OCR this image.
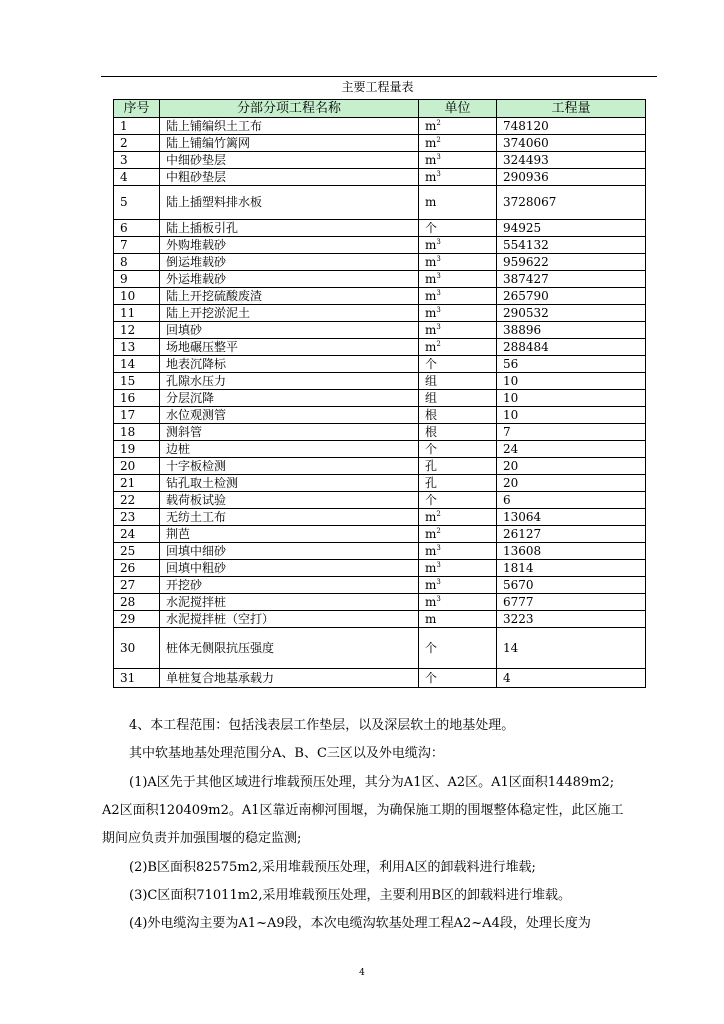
主要工程量表
序号	分部分项工程名称	单位	工程量
1	陆上铺编织土工布	$m^2$	748120
2	陆上铺编竹篱网	$m^2$	374060
3	中细砂垫层	$m^3$	324493
4	中粗砂垫层	$m^3$	290936
5	陆上插塑料排水板	m	3728067
6	陆上插板引孔	个	94925
7	外购堆载砂	$m^3$	554132
8	倒运堆载砂	$m^3$	959622
9	外运堆载砂	$m^3$	387427
10	陆上开挖硫酸废渣	$m^3$	265790
11	陆上开挖淤泥土	$m^3$	290532
12	回填砂	$m^3$	38896
13	场地碾压整平	$m^2$	288484
14	地表沉降标	个	56
15	孔隙水压力	组	10
16	分层沉降	组	10
17	水位观测管	根	10
18	测斜管	根	7
19	边桩	个	24
20	十字板检测	孔	20
21	钻孔取土检测	孔	20
22	载荷板试验	个	6
23	无纺土工布	$m^2$	13064
24	荆芭	$m^2$	26127
25	回填中细砂	$m^3$	13608
26	回填中粗砂	$m^3$	1814
27	开挖砂	$m^3$	5670
28	水泥搅拌桩	$m^3$	6777
29	水泥搅拌桩（空打）	m	3223
30	桩体无侧限抗压强度	个	14
31	单桩复合地基承载力	个	4
4、本工程范围：包括浅表层工作垫层，以及深层软土的地基处理。
其中软基地基处理范围分A、B、C三区以及外电缆沟：
(1)A区先于其他区域进行堆载预压处理，其分为A1区、A2区。A1区面积14489m2;
A2区面积120409m2。A1区靠近南柳河围堰，为确保施工期的围堰整体稳定性，此区施工
期间应负责并加强围堰的稳定监测;
(2)B区面积82575m2,采用堆载预压处理，利用A区的卸载料进行堆载;
(3)C区面积71011m2,采用堆载预压处理，主要利用B区的卸载料进行堆载。
(4)外电缆沟主要为A1~A9段，本次电缆沟软基处理工程A2~A4段，处理长度为
4
